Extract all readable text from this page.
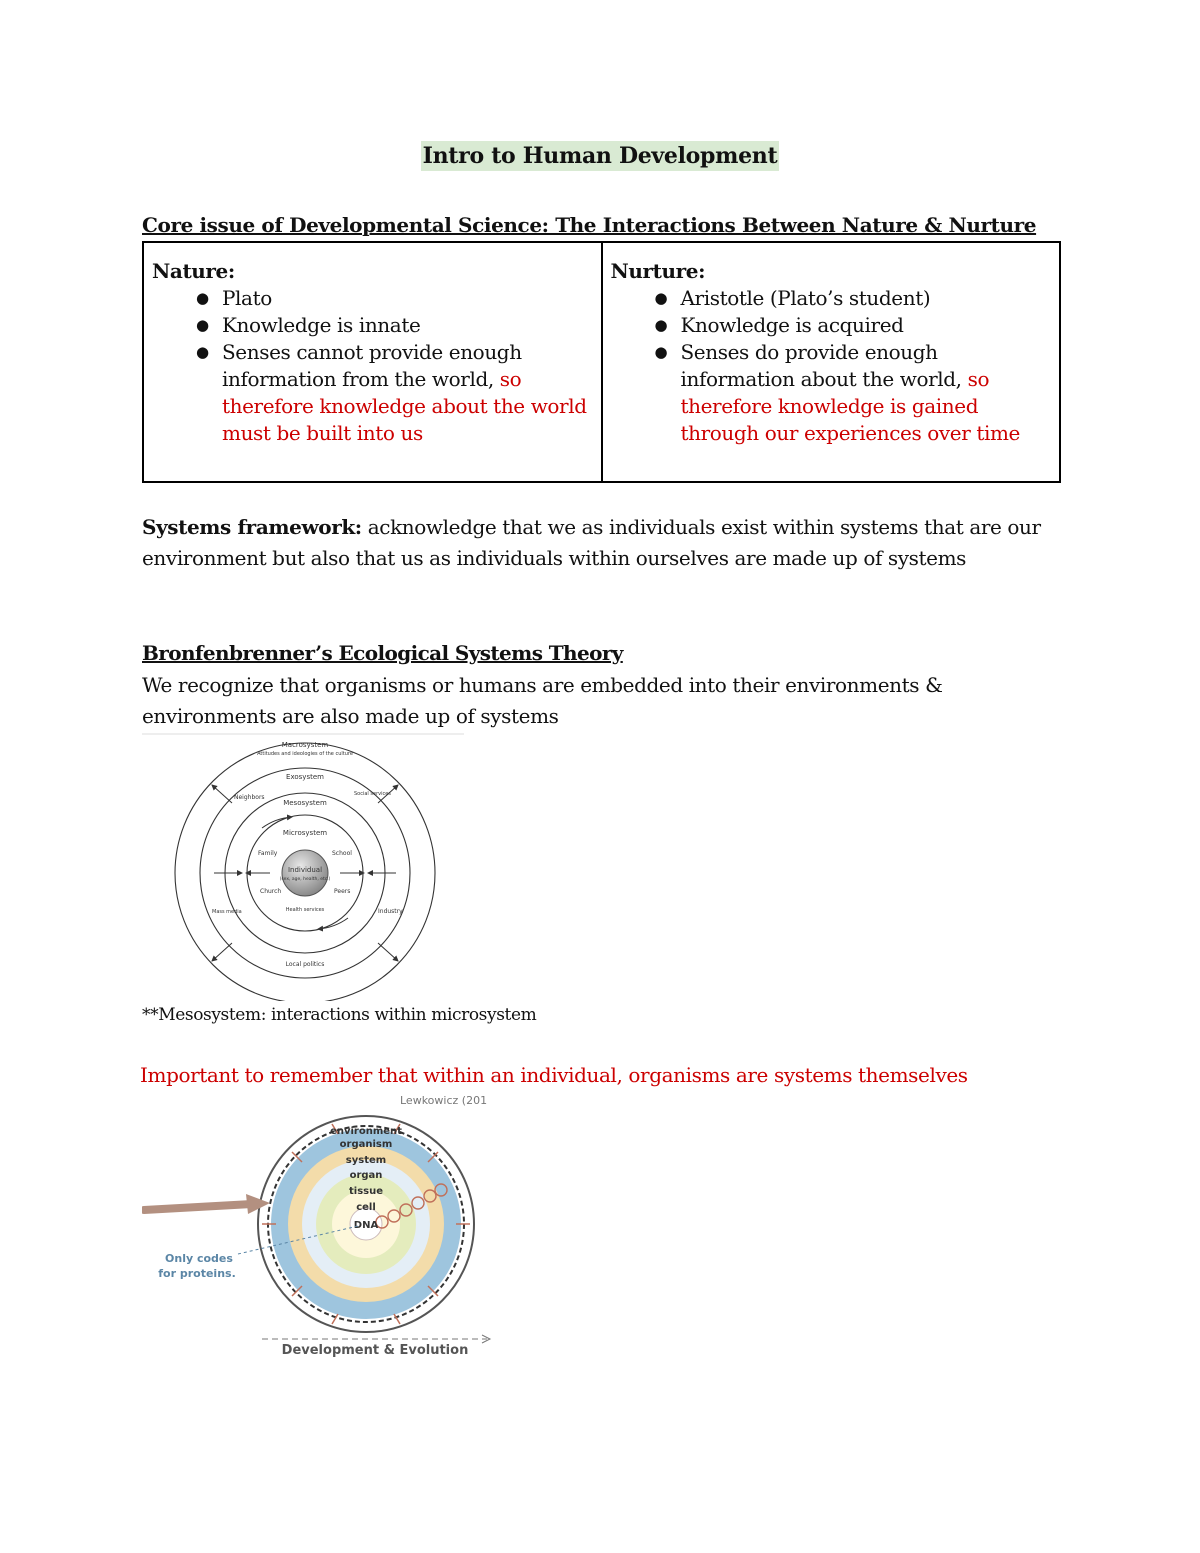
Intro to Human Development
Core issue of Developmental Science: The Interactions Between Nature & Nurture
Nature:
● Plato
● Knowledge is innate
● Senses cannot provide enough information from the world, so therefore knowledge about the world must be built into us

Nurture:
● Aristotle (Plato’s student)
● Knowledge is acquired
● Senses do provide enough information about the world, so therefore knowledge is gained through our experiences over time
Systems framework: acknowledge that we as individuals exist within systems that are our environment but also that us as individuals within ourselves are made up of systems
Bronfenbrenner’s Ecological Systems Theory
We recognize that organisms or humans are embedded into their environments & environments are also made up of systems
Macrosystem
Attitudes and ideologies of the culture
Exosystem
Mesosystem
Microsystem
Individual
(sex, age, health, etc.)
Neighbors	Social services
Family	School
Church	Peers
Health services
Mass media	Industry
Local politics
**Mesosystem: interactions within microsystem
Important to remember that within an individual, organisms are systems themselves
Lewkowicz (201
environment
organism
system
organ
tissue
cell
DNA
Only codes
for proteins.
Development & Evolution
